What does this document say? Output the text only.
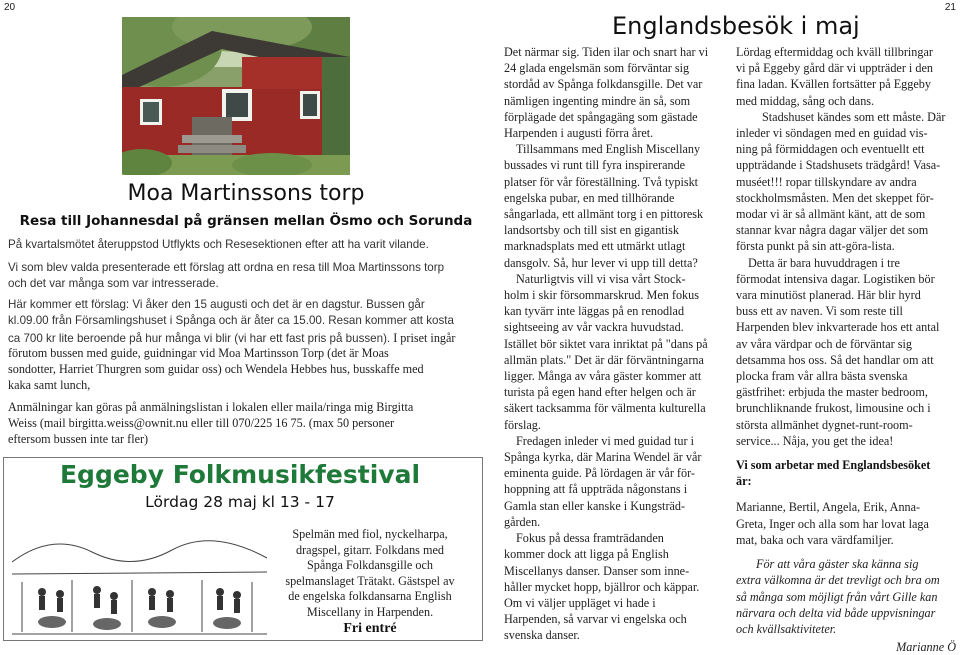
20	21
Moa Martinssons torp
Resa till Johannesdal på gränsen mellan Ösmo och Sorunda
På kvartalsmötet återuppstod Utflykts och Resesektionen efter att ha varit vilande.
Vi som blev valda presenterade ett förslag att ordna en resa till Moa Martinssons torp
och det var många som var intresserade.
Här kommer ett förslag: Vi åker den 15 augusti och det är en dagstur. Bussen går
kl.09.00 från Församlingshuset i Spånga och är åter ca 15.00. Resan kommer att kosta
ca 700 kr lite beroende på hur många vi blir (vi har ett fast pris på bussen). I priset ingår
förutom bussen med guide, guidningar vid Moa Martinsson Torp (det är Moas
sondotter, Harriet Thurgren som guidar oss) och Wendela Hebbes hus, busskaffe med
kaka samt lunch,
Anmälningar kan göras på anmälningslistan i lokalen eller maila/ringa mig Birgitta
Weiss (mail birgitta.weiss@ownit.nu eller till 070/225 16 75. (max 50 personer
eftersom bussen inte tar fler)
Eggeby Folkmusikfestival
Lördag 28 maj kl 13 - 17
Spelmän med fiol, nyckelharpa,
dragspel, gitarr. Folkdans med
Spånga Folkdansgille och
spelmanslaget Trätakt. Gästspel av
de engelska folkdansarna English
Miscellany in Harpenden.
Fri entré
Englandsbesök i maj

Det närmar sig. Tiden ilar och snart har vi

24 glada engelsmän som förväntar sig

stordåd av Spånga folkdansgille. Det var

nämligen ingenting mindre än så, som

förplägade det spångagäng som gästade

Harpenden i augusti förra året.

Tillsammans med English Miscellany

bussades vi runt till fyra inspirerande

platser för vår föreställning. Två typiskt

engelska pubar, en med tillhörande

sångarlada, ett allmänt torg i en pittoresk

landsortsby och till sist en gigantisk

marknadsplats med ett utmärkt utlagt

dansgolv. Så, hur lever vi upp till detta?

Naturligtvis vill vi visa vårt Stock-

holm i skir försommarskrud. Men fokus

kan tyvärr inte läggas på en renodlad

sightseeing av vår vackra huvudstad.

Istället bör siktet vara inriktat på "dans på

allmän plats." Det är där förväntningarna

ligger. Många av våra gäster kommer att

turista på egen hand efter helgen och är

säkert tacksamma för välmenta kulturella

förslag.

Fredagen inleder vi med guidad tur i

Spånga kyrka, där Marina Wendel är vår

eminenta guide. På lördagen är vår för-

hoppning att få uppträda någonstans i

Gamla stan eller kanske i Kungsträd-

gården.

Fokus på dessa framträdanden

kommer dock att ligga på English

Miscellanys danser. Danser som inne-

håller mycket hopp, bjällror och käppar.

Om vi väljer uppläget vi hade i

Harpenden, så varvar vi engelska och

svenska danser.

Lördag eftermiddag och kväll tillbringar

vi på Eggeby gård där vi uppträder i den

fina ladan. Kvällen fortsätter på Eggeby

med middag, sång och dans.

Stadshuset kändes som ett måste. Där

inleder vi söndagen med en guidad vis-

ning på förmiddagen och eventuellt ett

uppträdande i Stadshusets trädgård! Vasa-

muséet!!! ropar tillskyndare av andra

stockholmsmåsten. Men det skeppet för-

modar vi är så allmänt känt, att de som

stannar kvar några dagar väljer det som

första punkt på sin att-göra-lista.

Detta är bara huvuddragen i tre

förmodat intensiva dagar. Logistiken bör

vara minutiöst planerad. Här blir hyrd

buss ett av naven. Vi som reste till

Harpenden blev inkvarterade hos ett antal

av våra värdpar och de förväntar sig

detsamma hos oss. Så det handlar om att

plocka fram vår allra bästa svenska

gästfrihet: erbjuda the master bedroom,

brunchliknande frukost, limousine och i

största allmänhet dygnet-runt-room-

service... Nåja, you get the idea!

Vi som arbetar med Englandsbesöket

är:

Marianne, Bertil, Angela, Erik, Anna-

Greta, Inger och alla som har lovat laga

mat, baka och vara värdfamiljer.

För att våra gäster ska känna sig

extra välkomna är det trevligt och bra om

så många som möjligt från vårt Gille kan

närvara och delta vid både uppvisningar

och kvällsaktiviteter.

Marianne Ö
